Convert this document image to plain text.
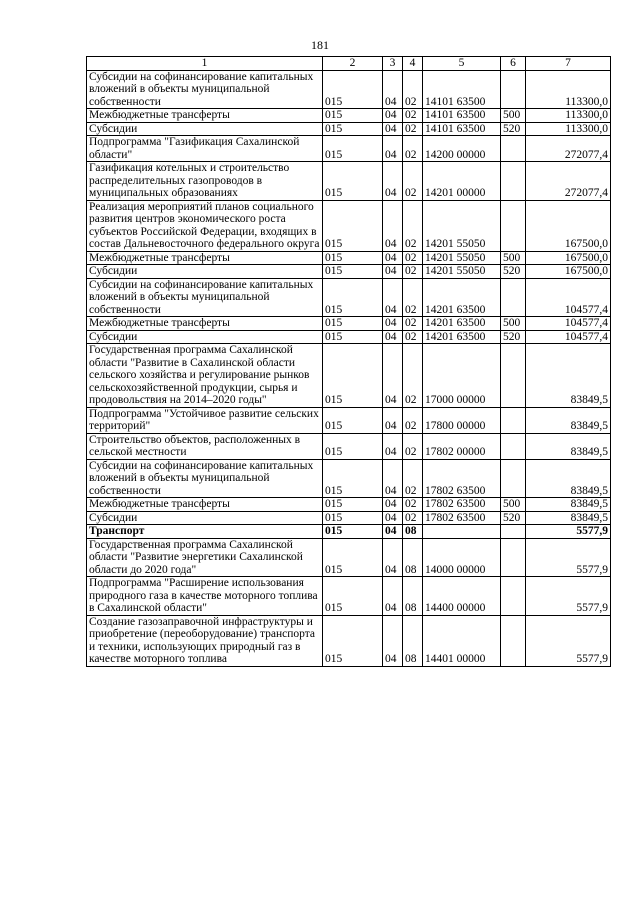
181
1	2	3	4	5	6	7
Субсидии на софинансирование капитальных вложений в объекты муниципальной собственности	015	04	02	14101 63500		113300,0
Межбюджетные трансферты	015	04	02	14101 63500	500	113300,0
Субсидии	015	04	02	14101 63500	520	113300,0
Подпрограмма "Газификация Сахалинской области"	015	04	02	14200 00000		272077,4
Газификация котельных и строительство распределительных газопроводов в муниципальных образованиях	015	04	02	14201 00000		272077,4
Реализация мероприятий планов социального развития центров экономического роста субъектов Российской Федерации, входящих в состав Дальневосточного федерального округа	015	04	02	14201 55050		167500,0
Межбюджетные трансферты	015	04	02	14201 55050	500	167500,0
Субсидии	015	04	02	14201 55050	520	167500,0
Субсидии на софинансирование капитальных вложений в объекты муниципальной собственности	015	04	02	14201 63500		104577,4
Межбюджетные трансферты	015	04	02	14201 63500	500	104577,4
Субсидии	015	04	02	14201 63500	520	104577,4
Государственная программа Сахалинской области "Развитие в Сахалинской области сельского хозяйства и регулирование рынков сельскохозяйственной продукции, сырья и продовольствия на 2014–2020 годы"	015	04	02	17000 00000		83849,5
Подпрограмма "Устойчивое развитие сельских территорий"	015	04	02	17800 00000		83849,5
Строительство объектов, расположенных в сельской местности	015	04	02	17802 00000		83849,5
Субсидии на софинансирование капитальных вложений в объекты муниципальной собственности	015	04	02	17802 63500		83849,5
Межбюджетные трансферты	015	04	02	17802 63500	500	83849,5
Субсидии	015	04	02	17802 63500	520	83849,5
Транспорт	015	04	08			5577,9
Государственная программа Сахалинской области "Развитие энергетики Сахалинской области до 2020 года"	015	04	08	14000 00000		5577,9
Подпрограмма "Расширение использования природного газа в качестве моторного топлива в Сахалинской области"	015	04	08	14400 00000		5577,9
Создание газозаправочной инфраструктуры и приобретение (переоборудование) транспорта и техники, использующих природный газ в качестве моторного топлива	015	04	08	14401 00000		5577,9
